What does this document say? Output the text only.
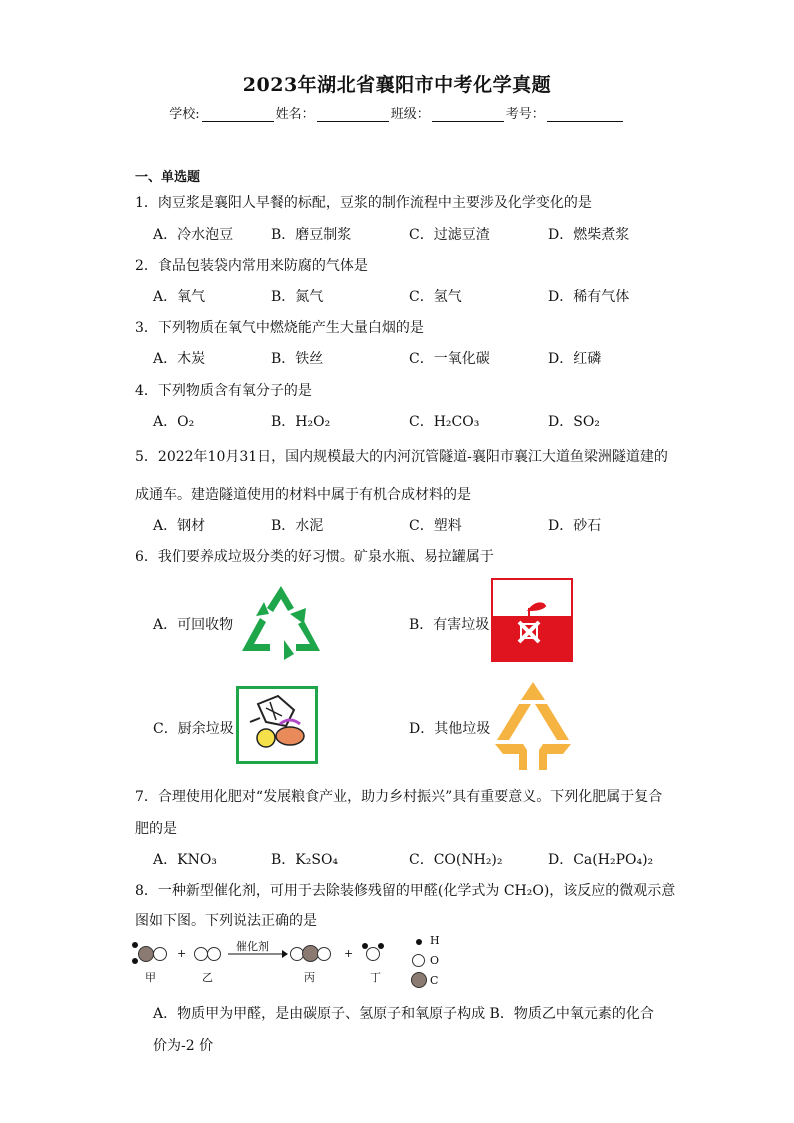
2023年湖北省襄阳市中考化学真题
学校:	姓名：	班级：	考号：
一、单选题
1．肉豆浆是襄阳人早餐的标配，豆浆的制作流程中主要涉及化学变化的是
A．冷水泡豆	B．磨豆制浆	C．过滤豆渣	D．燃柴煮浆
2．食品包装袋内常用来防腐的气体是
A．氧气	B．氮气	C．氢气	D．稀有气体
3．下列物质在氧气中燃烧能产生大量白烟的是
A．木炭	B．铁丝	C．一氧化碳	D．红磷
4．下列物质含有氧分子的是
A．O₂	B．H₂O₂	C．H₂CO₃	D．SO₂
5．2022年10月31日，国内规模最大的内河沉管隧道-襄阳市襄江大道鱼梁洲隧道建的
成通车。建造隧道使用的材料中属于有机合成材料的是
A．钢材	B．水泥	C．塑料	D．砂石
6．我们要养成垃圾分类的好习惯。矿泉水瓶、易拉罐属于
A．可回收物	B．有害垃圾
C．厨余垃圾	D．其他垃圾
7．合理使用化肥对“发展粮食产业，助力乡村振兴”具有重要意义。下列化肥属于复合
肥的是
A．KNO₃	B．K₂SO₄	C．CO(NH₂)₂	D．Ca(H₂PO₄)₂
8．一种新型催化剂，可用于去除装修残留的甲醛(化学式为 CH₂O)，该反应的微观示意
图如下图。下列说法正确的是
甲
+
乙
催化剂
丙
+
丁
H
O
C
A．物质甲为甲醛，是由碳原子、氢原子和氧原子构成 B．物质乙中氧元素的化合
价为-2 价
